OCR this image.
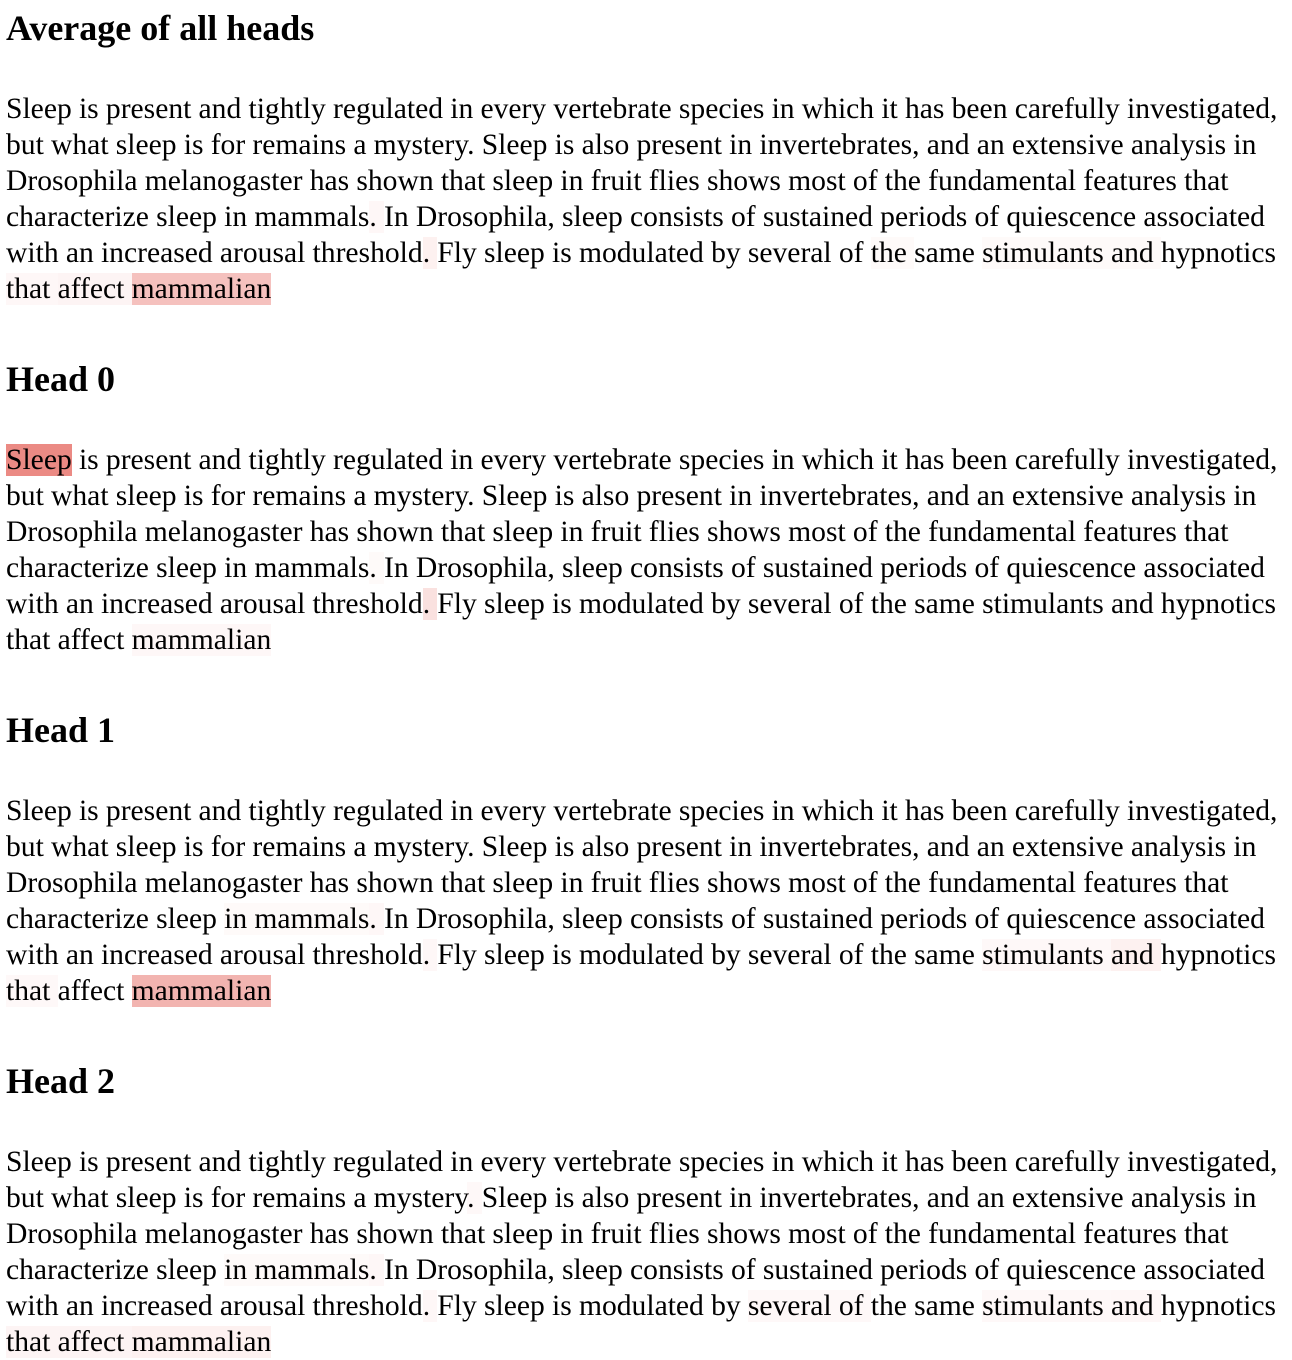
Average of all heads

Sleep is present and tightly regulated in every vertebrate species in which it has been carefully investigated, but what sleep is for remains a mystery. Sleep is also present in invertebrates, and an extensive analysis in Drosophila melanogaster has shown that sleep in fruit flies shows most of the fundamental features that characterize sleep in mammals. In Drosophila, sleep consists of sustained periods of quiescence associated with an increased arousal threshold. Fly sleep is modulated by several of the same stimulants and hypnotics that affect mammalian

Head 0

Sleep is present and tightly regulated in every vertebrate species in which it has been carefully investigated, but what sleep is for remains a mystery. Sleep is also present in invertebrates, and an extensive analysis in Drosophila melanogaster has shown that sleep in fruit flies shows most of the fundamental features that characterize sleep in mammals. In Drosophila, sleep consists of sustained periods of quiescence associated with an increased arousal threshold. Fly sleep is modulated by several of the same stimulants and hypnotics that affect mammalian

Head 1

Sleep is present and tightly regulated in every vertebrate species in which it has been carefully investigated, but what sleep is for remains a mystery. Sleep is also present in invertebrates, and an extensive analysis in Drosophila melanogaster has shown that sleep in fruit flies shows most of the fundamental features that characterize sleep in mammals. In Drosophila, sleep consists of sustained periods of quiescence associated with an increased arousal threshold. Fly sleep is modulated by several of the same stimulants and hypnotics that affect mammalian

Head 2

Sleep is present and tightly regulated in every vertebrate species in which it has been carefully investigated, but what sleep is for remains a mystery. Sleep is also present in invertebrates, and an extensive analysis in Drosophila melanogaster has shown that sleep in fruit flies shows most of the fundamental features that characterize sleep in mammals. In Drosophila, sleep consists of sustained periods of quiescence associated with an increased arousal threshold. Fly sleep is modulated by several of the same stimulants and hypnotics that affect mammalian
